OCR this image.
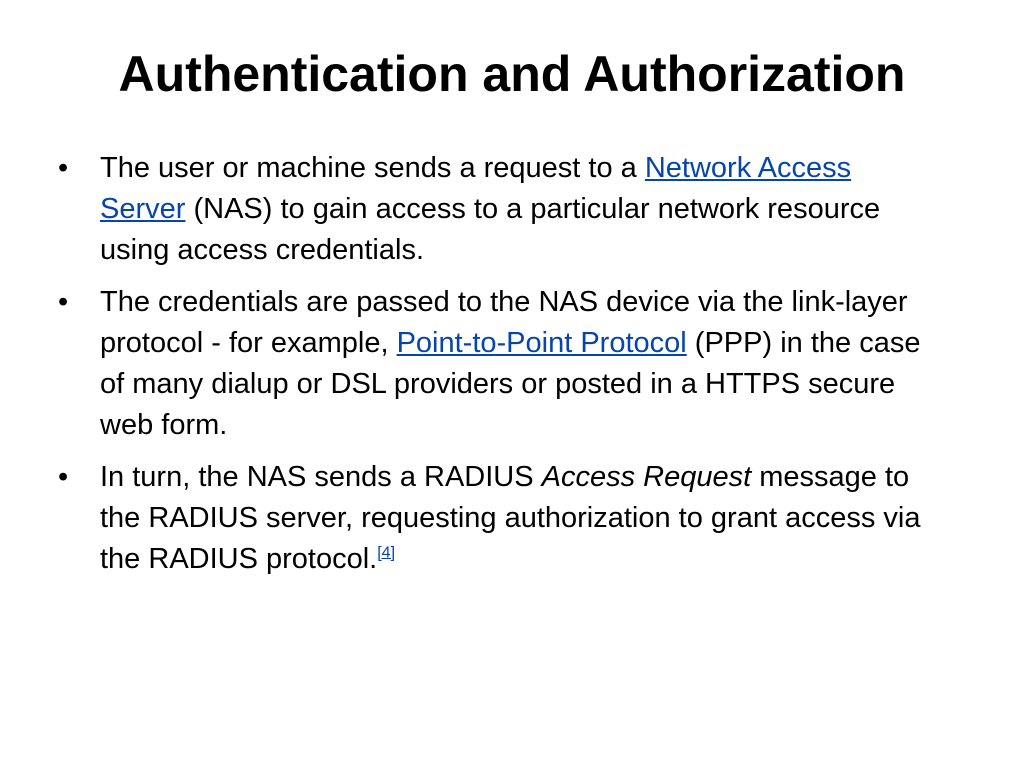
Authentication and Authorization
• The user or machine sends a request to a Network Access Server (NAS) to gain access to a particular network resource using access credentials.
• The credentials are passed to the NAS device via the link-layer protocol - for example, Point-to-Point Protocol (PPP) in the case of many dialup or DSL providers or posted in a HTTPS secure web form.
• In turn, the NAS sends a RADIUS Access Request message to the RADIUS server, requesting authorization to grant access via the RADIUS protocol.[4]
